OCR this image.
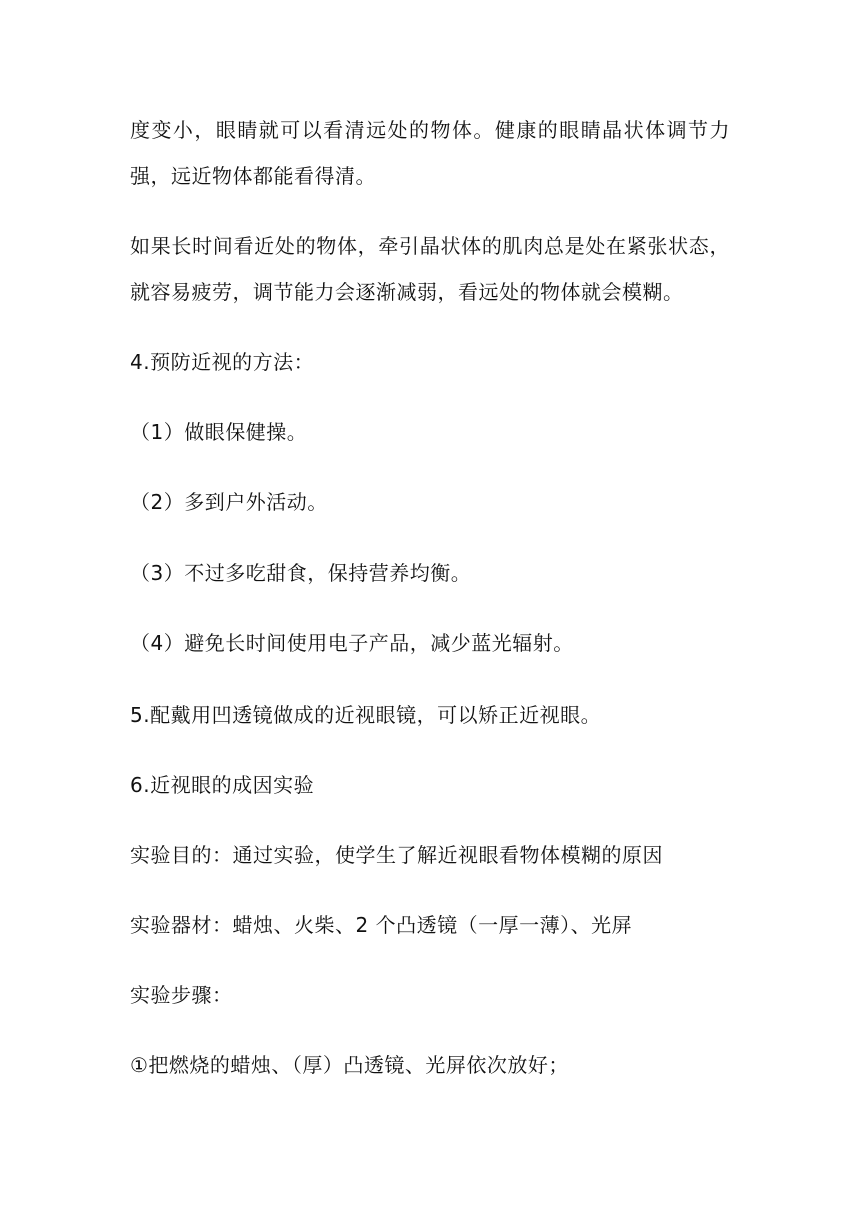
度变小，眼睛就可以看清远处的物体。健康的眼睛晶状体调节力
强，远近物体都能看得清。
如果长时间看近处的物体，牵引晶状体的肌肉总是处在紧张状态，
就容易疲劳，调节能力会逐渐减弱，看远处的物体就会模糊。
4.预防近视的方法：
（1）做眼保健操。
（2）多到户外活动。
（3）不过多吃甜食，保持营养均衡。
（4）避免长时间使用电子产品，减少蓝光辐射。
5.配戴用凹透镜做成的近视眼镜，可以矫正近视眼。
6.近视眼的成因实验
实验目的：通过实验，使学生了解近视眼看物体模糊的原因
实验器材：蜡烛、火柴、2 个凸透镜（一厚一薄）、光屏
实验步骤：
①把燃烧的蜡烛、（厚）凸透镜、光屏依次放好；
